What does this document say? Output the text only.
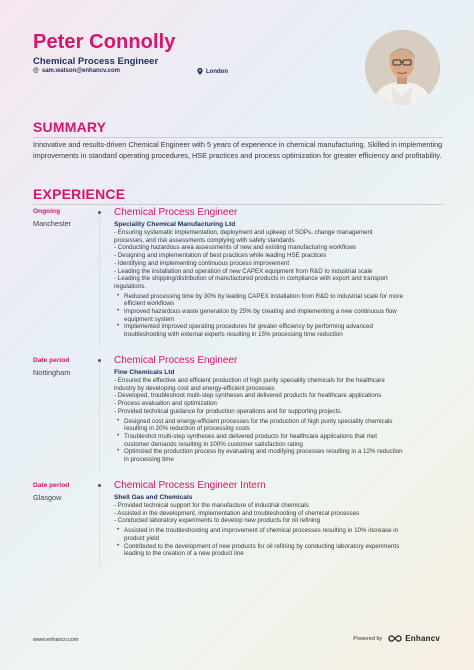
Peter Connolly
Chemical Process Engineer
@ sam.watson@enhancv.com	London
SUMMARY
Innovative and results-driven Chemical Engineer with 5 years of experience in chemical manufacturing. Skilled in implementing improvements in standard operating procedures, HSE practices and process optimization for greater efficiency and profitability.
EXPERIENCE
Ongoing
Manchester
Chemical Process Engineer
Speciality Chemical Manufacturing Ltd
- Ensuring systematic implementation, deployment and upkeep of SOPs, change management
processes, and risk assessments complying with safety standards
- Conducting hazardous area assessments of new and existing manufacturing workflows
- Designing and implementation of best practices while leading HSE practices
- Identifying and implementing continuous process improvement
- Leading the installation and operation of new CAPEX equipment from R&D to industrial scale
- Leading the shipping/distribution of manufactured products in compliance with export and transport
regulations.
• Reduced processing time by 30% by leading CAPEX installation from R&D to industrial scale for more
efficient workflows
• Improved hazardous waste generation by 25% by creating and implementing a new continuous flow
equipment system
• Implemented improved operating procedures for greater efficiency by performing advanced
troubleshooting with external experts resulting in 15% processing time reduction
Date period
Nottingham
Chemical Process Engineer
Fine Chemicals Ltd
- Ensured the effective and efficient production of high purity speciality chemicals for the healthcare
industry by developing cost and energy-efficient processes
- Developed, troubleshoot multi-step syntheses and delivered products for healthcare applications
- Process evaluation and optimization
- Provided technical guidance for production operations and for supporting projects.
• Designed cost and energy-efficient processes for the production of high purity speciality chemicals
resulting in 20% reduction of processing costs
• Troubleshot multi-step syntheses and delivered products for healthcare applications that met
customer demands resulting in 100% customer satisfaction rating
• Optimized the production process by evaluating and modifying processes resulting in a 12% reduction
in processing time
Date period
Glasgow
Chemical Process Engineer Intern
Shell Gas and Chemicals
- Provided technical support for the manufacture of industrial chemicals
- Assisted in the development, implementation and troubleshooting of chemical processes
- Conducted laboratory experiments to develop new products for oil refining
• Assisted in the troubleshooting and improvement of chemical processes resulting in 10% increase in
product yield
• Contributed to the development of new products for oil refining by conducting laboratory experiments
leading to the creation of a new product line
www.enhancv.com	Powered by	Enhancv
